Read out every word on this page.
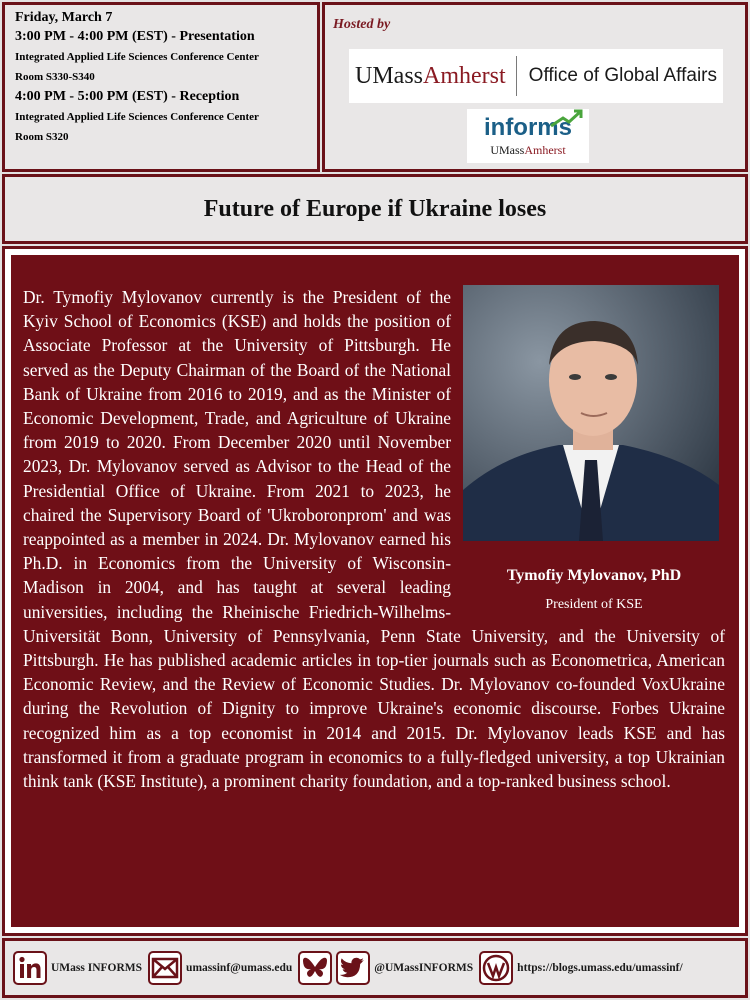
Friday, March 7
3:00 PM - 4:00 PM (EST) - Presentation
Integrated Applied Life Sciences Conference Center
Room S330-S340
4:00 PM - 5:00 PM (EST) - Reception
Integrated Applied Life Sciences Conference Center
Room S320
Hosted by
UMassAmherst Office of Global Affairs
informs
UMassAmherst
Future of Europe if Ukraine loses
Tymofiy Mylovanov, PhD
President of KSE

Dr. Tymofiy Mylovanov currently is the President of the Kyiv School of Economics (KSE) and holds the position of Associate Professor at the University of Pittsburgh. He served as the Deputy Chairman of the Board of the National Bank of Ukraine from 2016 to 2019, and as the Minister of Economic Development, Trade, and Agriculture of Ukraine from 2019 to 2020. From December 2020 until November 2023, Dr. Mylovanov served as Advisor to the Head of the Presidential Office of Ukraine. From 2021 to 2023, he chaired the Supervisory Board of 'Ukroboronprom' and was reappointed as a member in 2024. Dr. Mylovanov earned his Ph.D. in Economics from the University of Wisconsin-Madison in 2004, and has taught at several leading universities, including the Rheinische Friedrich-Wilhelms-Universität Bonn, University of Pennsylvania, Penn State University, and the University of Pittsburgh. He has published academic articles in top-tier journals such as Econometrica, American Economic Review, and the Review of Economic Studies. Dr. Mylovanov co-founded VoxUkraine during the Revolution of Dignity to improve Ukraine's economic discourse. Forbes Ukraine recognized him as a top economist in 2014 and 2015. Dr. Mylovanov leads KSE and has transformed it from a graduate program in economics to a fully-fledged university, a top Ukrainian think tank (KSE Institute), a prominent charity foundation, and a top-ranked business school.

UMass INFORMS	umassinf@umass.edu	@UMassINFORMS	https://blogs.umass.edu/umassinf/
